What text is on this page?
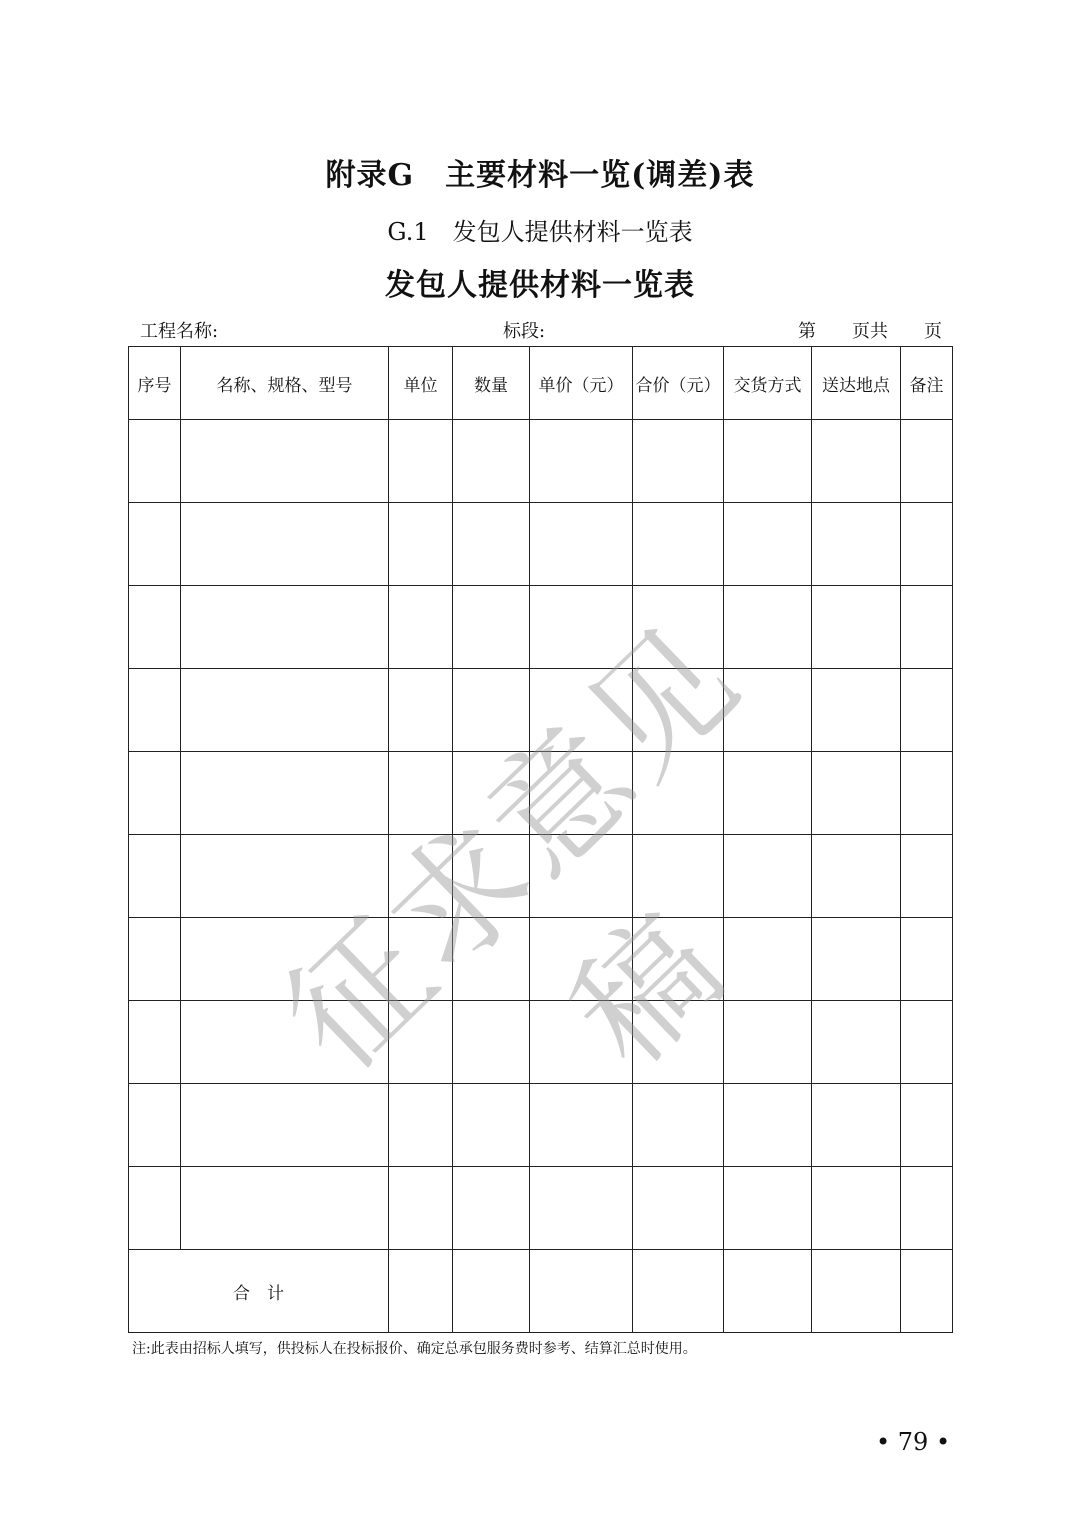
附录G　主要材料一览(调差)表
G.1　发包人提供材料一览表
发包人提供材料一览表
工程名称:	标段:	第　　页共　　页
序号	名称、规格、型号	单位	数量	单价（元）	合价（元）	交货方式	送达地点	备注

合　计								
注:此表由招标人填写，供投标人在投标报价、确定总承包服务费时参考、结算汇总时使用。
征求意见稿
• 79 •
